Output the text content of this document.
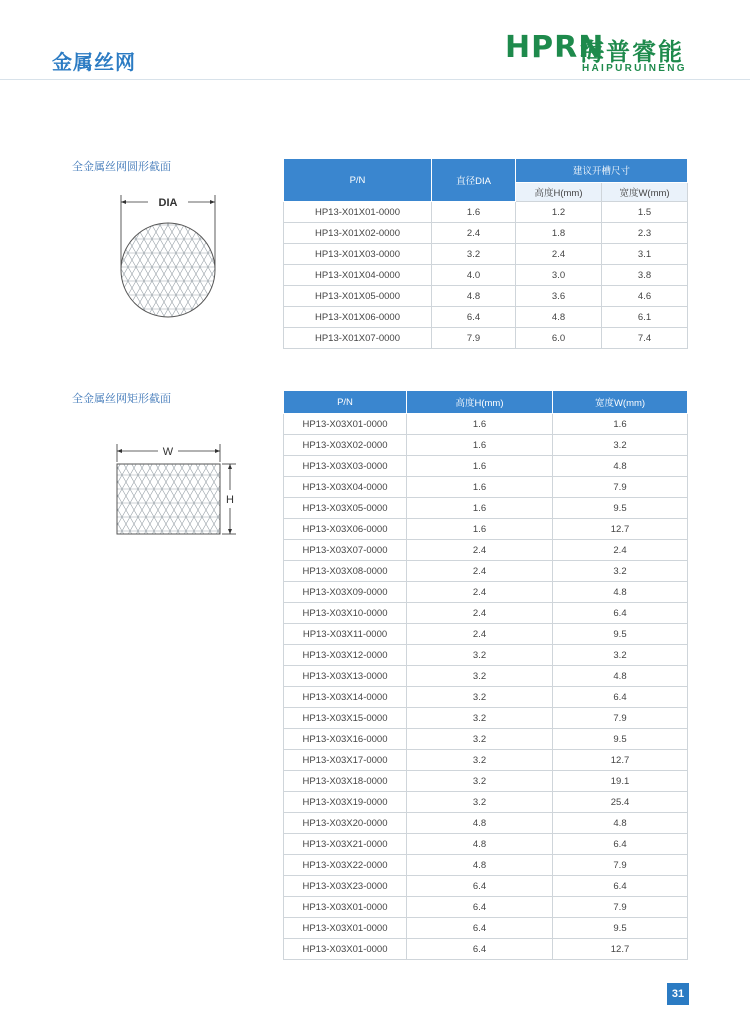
金属丝网	HPRN
海普睿能
HAIPURUINENG
全金属丝网圆形截面
DIA
P/N	直径DIA	建议开槽尺寸	
		高度H(mm)	宽度W(mm)
HP13-X01X01-0000	1.6	1.2	1.5
HP13-X01X02-0000	2.4	1.8	2.3
HP13-X01X03-0000	3.2	2.4	3.1
HP13-X01X04-0000	4.0	3.0	3.8
HP13-X01X05-0000	4.8	3.6	4.6
HP13-X01X06-0000	6.4	4.8	6.1
HP13-X01X07-0000	7.9	6.0	7.4
全金属丝网矩形截面
W
H
P/N	高度H(mm)	宽度W(mm)
HP13-X03X01-0000	1.6	1.6
HP13-X03X02-0000	1.6	3.2
HP13-X03X03-0000	1.6	4.8
HP13-X03X04-0000	1.6	7.9
HP13-X03X05-0000	1.6	9.5
HP13-X03X06-0000	1.6	12.7
HP13-X03X07-0000	2.4	2.4
HP13-X03X08-0000	2.4	3.2
HP13-X03X09-0000	2.4	4.8
HP13-X03X10-0000	2.4	6.4
HP13-X03X11-0000	2.4	9.5
HP13-X03X12-0000	3.2	3.2
HP13-X03X13-0000	3.2	4.8
HP13-X03X14-0000	3.2	6.4
HP13-X03X15-0000	3.2	7.9
HP13-X03X16-0000	3.2	9.5
HP13-X03X17-0000	3.2	12.7
HP13-X03X18-0000	3.2	19.1
HP13-X03X19-0000	3.2	25.4
HP13-X03X20-0000	4.8	4.8
HP13-X03X21-0000	4.8	6.4
HP13-X03X22-0000	4.8	7.9
HP13-X03X23-0000	6.4	6.4
HP13-X03X01-0000	6.4	7.9
HP13-X03X01-0000	6.4	9.5
HP13-X03X01-0000	6.4	12.7
31
